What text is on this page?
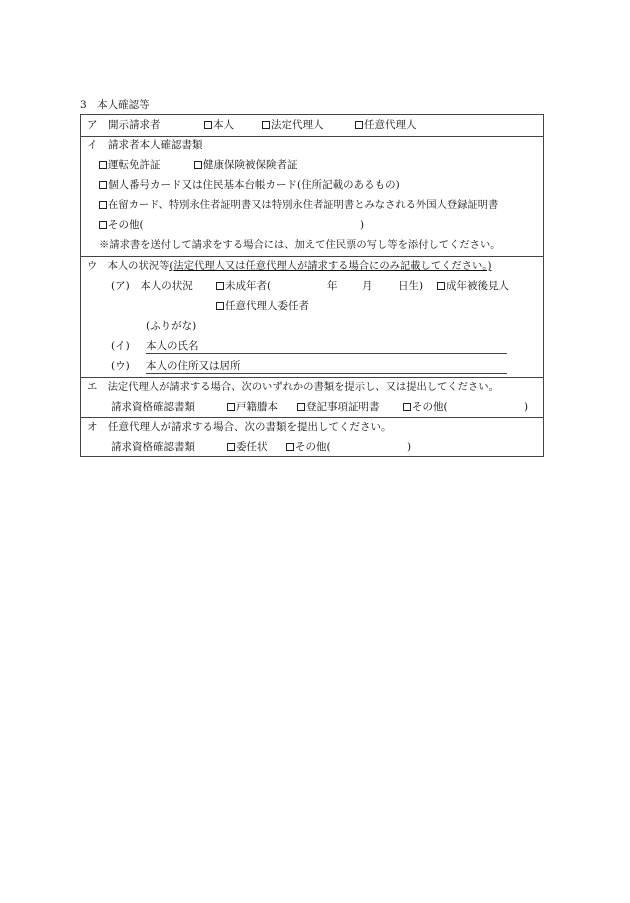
3　本人確認等
ア　開示請求者	本人	法定代理人	任意代理人
イ　請求者本人確認書類
運転免許証	健康保険被保険者証
個人番号カード又は住民基本台帳カード(住所記載のあるもの)
在留カード、特別永住者証明書又は特別永住者証明書とみなされる外国人登録証明書
その他(	)
※請求書を送付して請求をする場合には、加えて住民票の写し等を添付してください。
ウ　本人の状況等(法定代理人又は任意代理人が請求する場合にのみ記載してください。)
(ア)　本人の状況	未成年者(	年 月 日生)	成年被後見人
任意代理人委任者
(ふりがな)
(イ) 本人の氏名
(ウ) 本人の住所又は居所
エ　法定代理人が請求する場合、次のいずれかの書類を提示し、又は提出してください。
請求資格確認書類	戸籍謄本	登記事項証明書	その他(	)
オ　任意代理人が請求する場合、次の書類を提出してください。
請求資格確認書類	委任状	その他(	)
